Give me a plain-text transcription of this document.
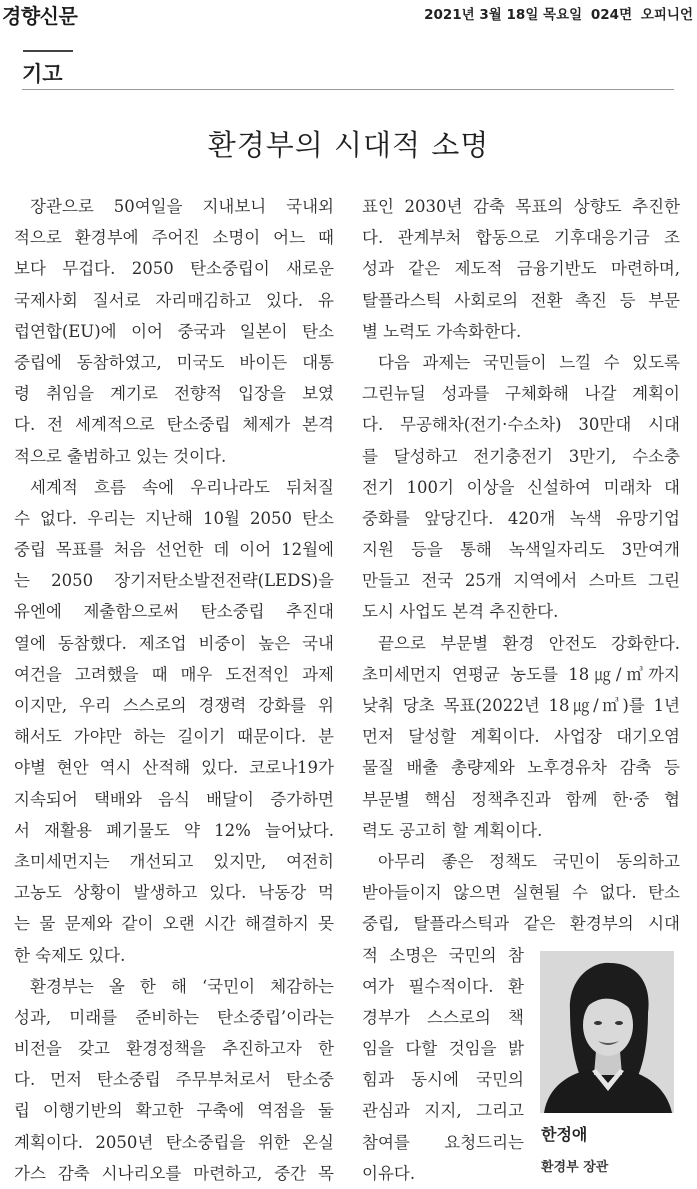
경향신문	2021년 3월 18일 목요일 024면 오피니언
기고
환경부의 시대적 소명
장관으로 50여일을 지내보니 국내외
적으로 환경부에 주어진 소명이 어느 때
보다 무겁다. 2050 탄소중립이 새로운
국제사회 질서로 자리매김하고 있다. 유
럽연합(EU)에 이어 중국과 일본이 탄소
중립에 동참하였고, 미국도 바이든 대통
령 취임을 계기로 전향적 입장을 보였
다. 전 세계적으로 탄소중립 체제가 본격
적으로 출범하고 있는 것이다.
세계적 흐름 속에 우리나라도 뒤처질
수 없다. 우리는 지난해 10월 2050 탄소
중립 목표를 처음 선언한 데 이어 12월에
는 2050 장기저탄소발전전략(LEDS)을
유엔에 제출함으로써 탄소중립 추진대
열에 동참했다. 제조업 비중이 높은 국내
여건을 고려했을 때 매우 도전적인 과제
이지만, 우리 스스로의 경쟁력 강화를 위
해서도 가야만 하는 길이기 때문이다. 분
야별 현안 역시 산적해 있다. 코로나19가
지속되어 택배와 음식 배달이 증가하면
서 재활용 폐기물도 약 12% 늘어났다.
초미세먼지는 개선되고 있지만, 여전히
고농도 상황이 발생하고 있다. 낙동강 먹
는 물 문제와 같이 오랜 시간 해결하지 못
한 숙제도 있다.
환경부는 올 한 해 ‘국민이 체감하는
성과, 미래를 준비하는 탄소중립’이라는
비전을 갖고 환경정책을 추진하고자 한
다. 먼저 탄소중립 주무부처로서 탄소중
립 이행기반의 확고한 구축에 역점을 둘
계획이다. 2050년 탄소중립을 위한 온실
가스 감축 시나리오를 마련하고, 중간 목
표인 2030년 감축 목표의 상향도 추진한
다. 관계부처 합동으로 기후대응기금 조
성과 같은 제도적 금융기반도 마련하며,
탈플라스틱 사회로의 전환 촉진 등 부문
별 노력도 가속화한다.
다음 과제는 국민들이 느낄 수 있도록
그린뉴딜 성과를 구체화해 나갈 계획이
다. 무공해차(전기·수소차) 30만대 시대
를 달성하고 전기충전기 3만기, 수소충
전기 100기 이상을 신설하여 미래차 대
중화를 앞당긴다. 420개 녹색 유망기업
지원 등을 통해 녹색일자리도 3만여개
만들고 전국 25개 지역에서 스마트 그린
도시 사업도 본격 추진한다.
끝으로 부문별 환경 안전도 강화한다.
초미세먼지 연평균 농도를 18㎍/㎥까지
낮춰 당초 목표(2022년 18㎍/㎥)를 1년
먼저 달성할 계획이다. 사업장 대기오염
물질 배출 총량제와 노후경유차 감축 등
부문별 핵심 정책추진과 함께 한·중 협
력도 공고히 할 계획이다.
아무리 좋은 정책도 국민이 동의하고
받아들이지 않으면 실현될 수 없다. 탄소
중립, 탈플라스틱과 같은 환경부의 시대
적 소명은 국민의 참
여가 필수적이다. 환
경부가 스스로의 책
임을 다할 것임을 밝
힘과 동시에 국민의
관심과 지지, 그리고
참여를 요청드리는
이유다.
한정애
환경부 장관
